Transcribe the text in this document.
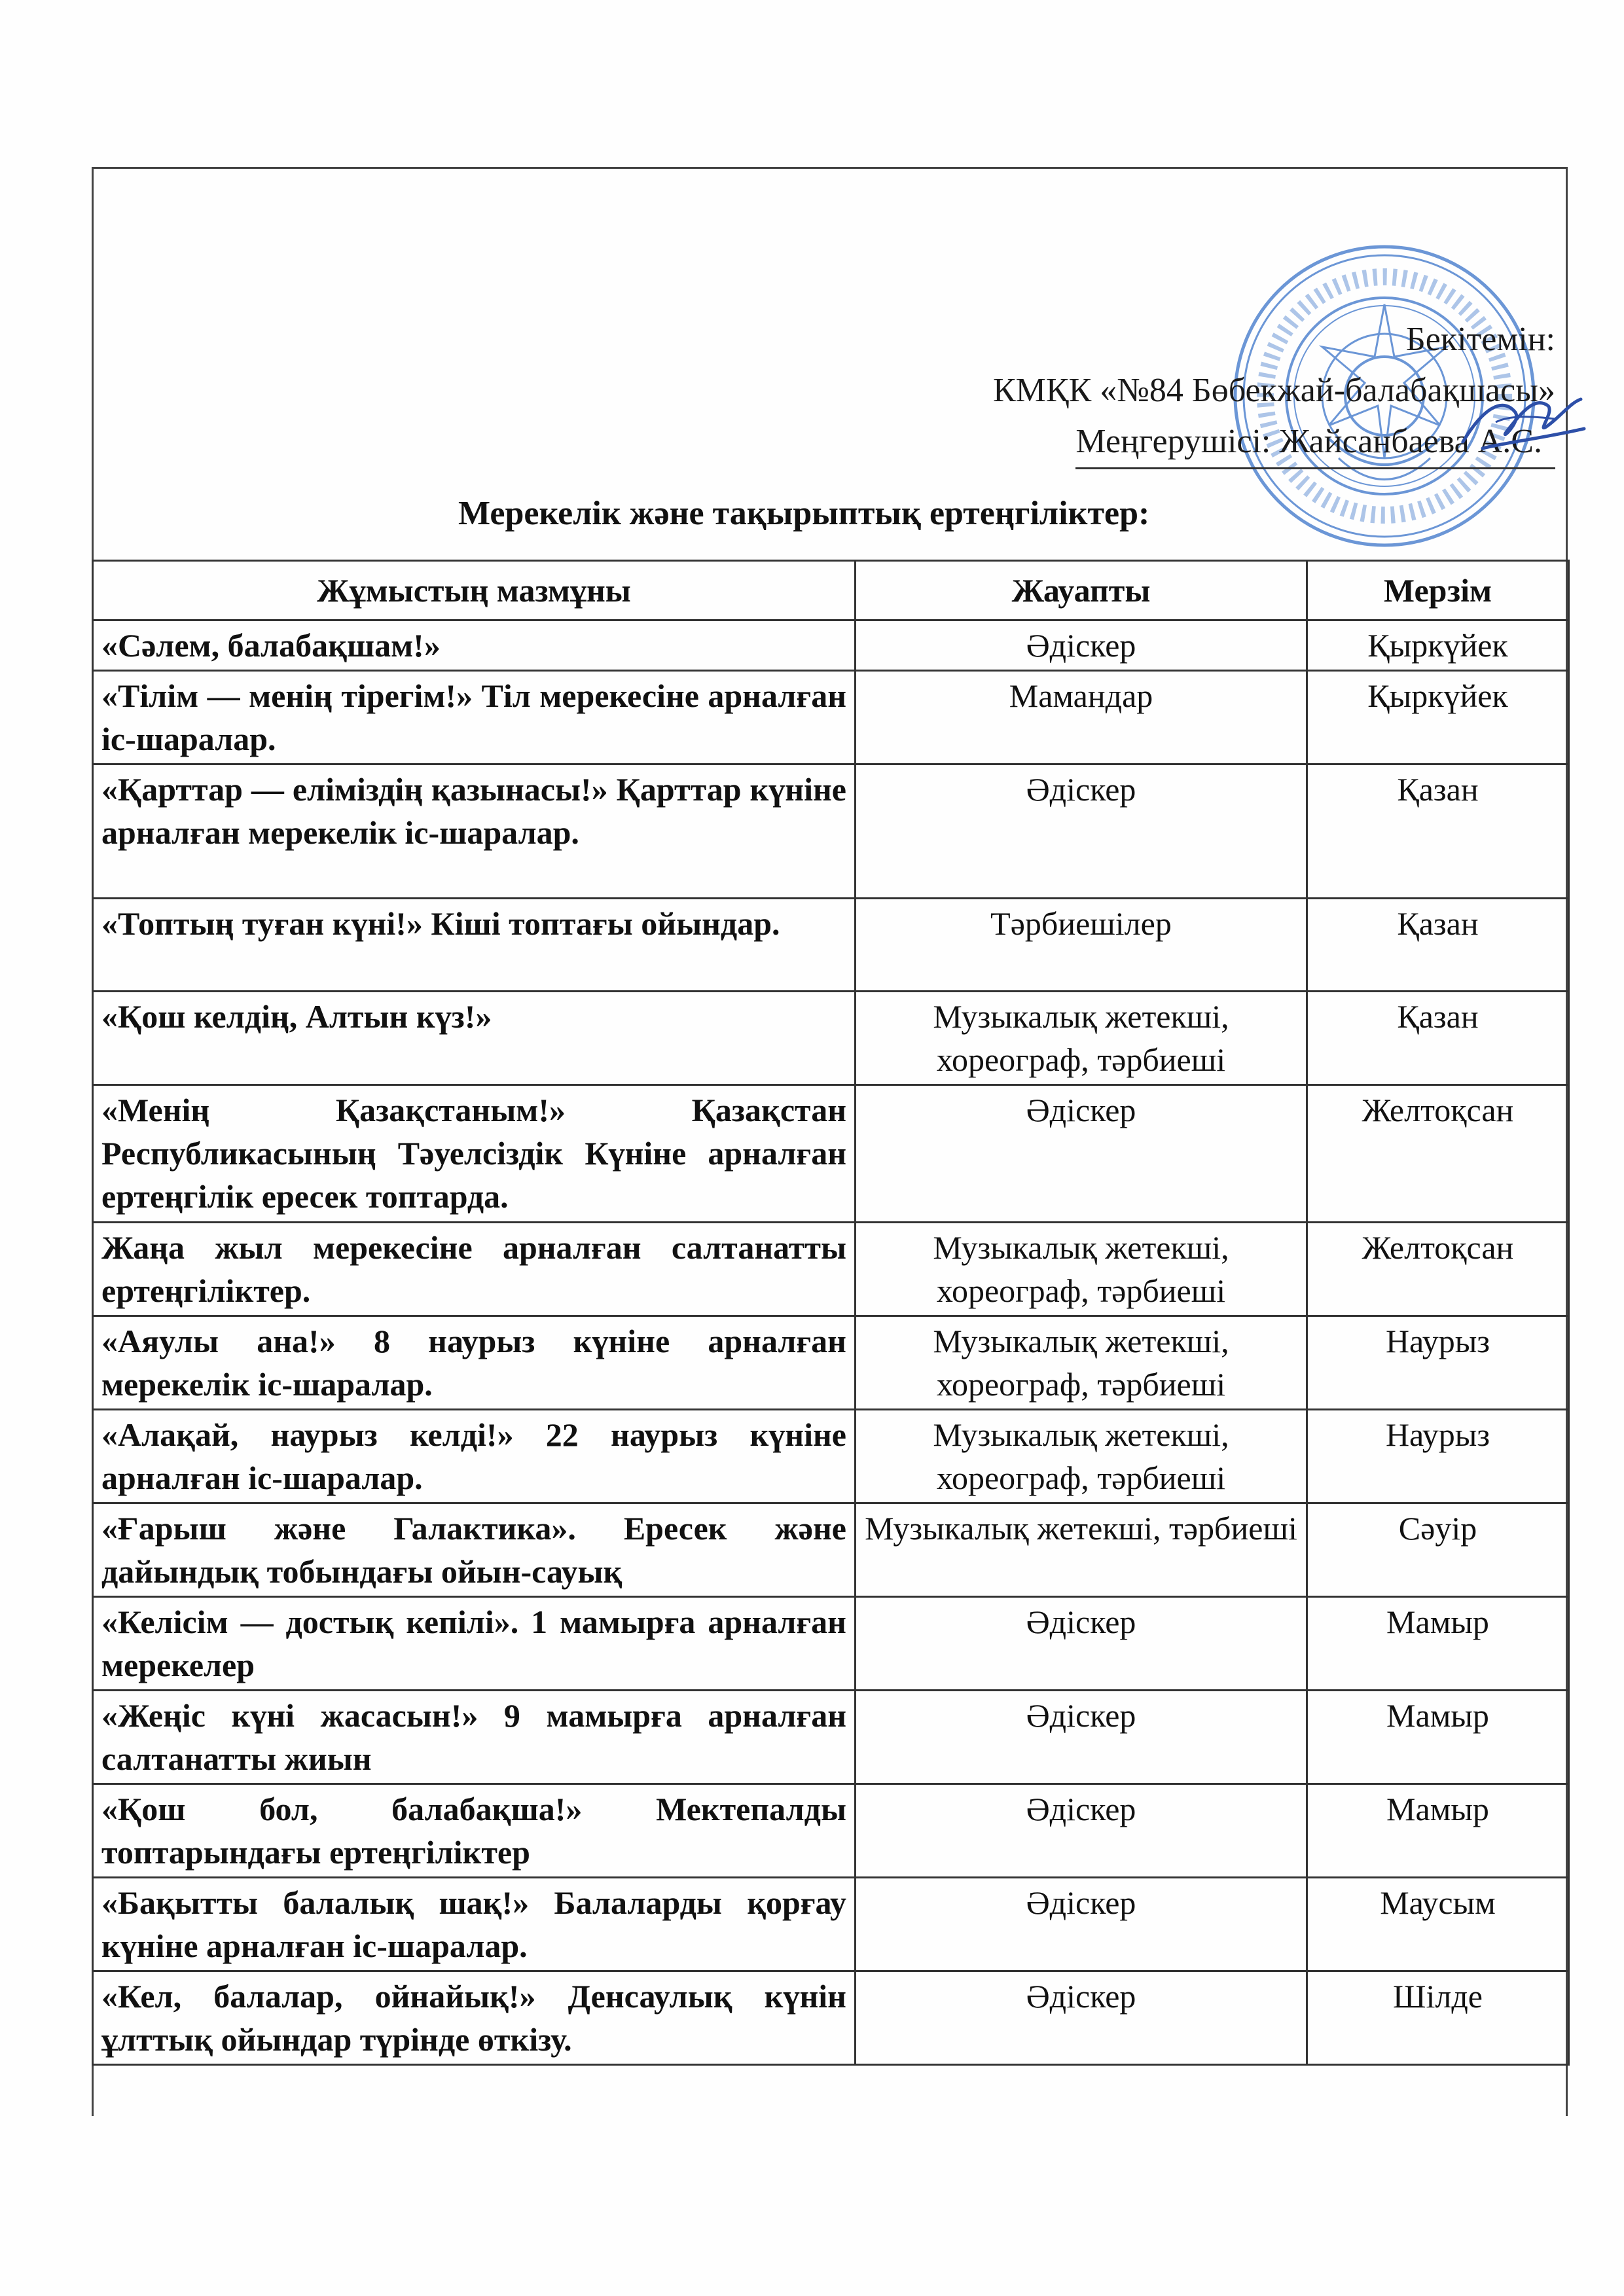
Бекітемін:
КМҚК «№84 Бөбекжай-балабақшасы»
Меңгерушісі: Жайсанбаева А.С.
Мерекелік және тақырыптық ертеңгіліктер:
Жұмыстың мазмұны	Жауапты	Мерзім
«Сәлем, балабақшам!»	Әдіскер	Қыркүйек
«Тілім — менің тірегім!» Тіл мерекесіне арналған іс-шаралар.	Мамандар	Қыркүйек
«Қарттар — еліміздің қазынасы!» Қарттар күніне арналған мерекелік іс-шаралар.	Әдіскер	Қазан
«Топтың туған күні!» Кіші топтағы ойындар.	Тәрбиешілер	Қазан
«Қош келдің, Алтын күз!»	Музыкалық жетекші, хореограф, тәрбиеші	Қазан
«Менің Қазақстаным!» Қазақстан Республикасының Тәуелсіздік Күніне арналған ертеңгілік ересек топтарда.	Әдіскер	Желтоқсан
Жаңа жыл мерекесіне арналған салтанатты ертеңгіліктер.	Музыкалық жетекші, хореограф, тәрбиеші	Желтоқсан
«Аяулы ана!» 8 наурыз күніне арналған мерекелік іс-шаралар.	Музыкалық жетекші, хореограф, тәрбиеші	Наурыз
«Алақай, наурыз келді!» 22 наурыз күніне арналған іс-шаралар.	Музыкалық жетекші, хореограф, тәрбиеші	Наурыз
«Ғарыш және Галактика». Ересек және дайындық тобындағы ойын-сауық	Музыкалық жетекші, тәрбиеші	Сәуір
«Келісім — достық кепілі». 1 мамырға арналған мерекелер	Әдіскер	Мамыр
«Жеңіс күні жасасын!» 9 мамырға арналған салтанатты жиын	Әдіскер	Мамыр
«Қош бол, балабақша!» Мектепалды топтарындағы ертеңгіліктер	Әдіскер	Мамыр
«Бақытты балалық шақ!» Балаларды қорғау күніне арналған іс-шаралар.	Әдіскер	Маусым
«Кел, балалар, ойнайық!» Денсаулық күнін ұлттық ойындар түрінде өткізу.	Әдіскер	Шілде
